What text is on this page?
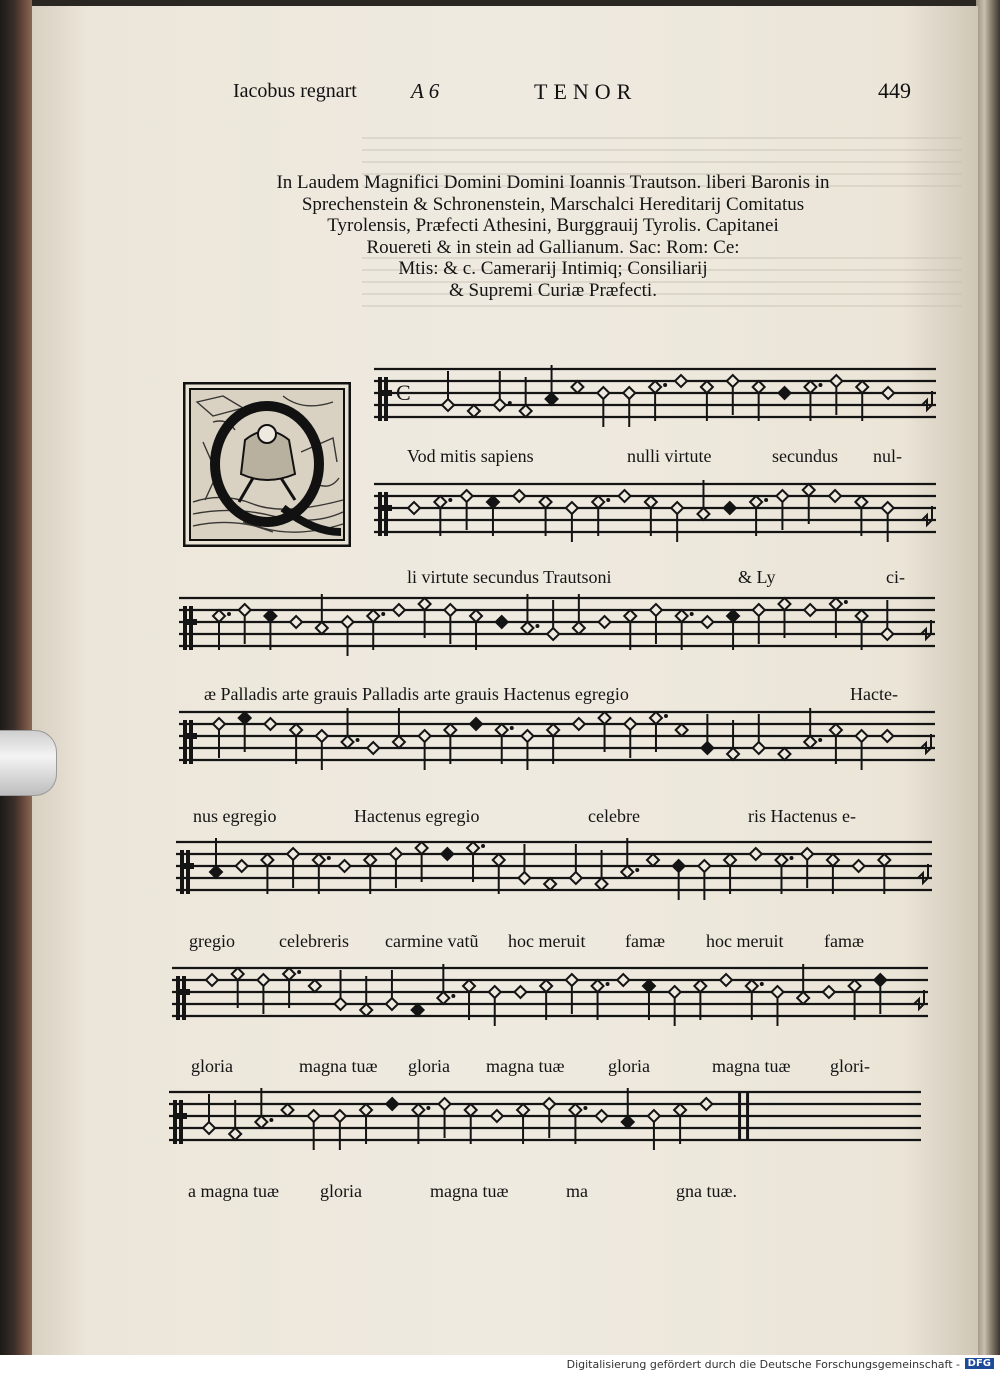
Iacobus regnart	A 6	TENOR	449
In Laudem Magnifici Domini Domini Ioannis Trautson. liberi Baronis in
Sprechenstein & Schronenstein, Marschalci Hereditarij Comitatus
Tyrolensis, Præfecti Athesini, Burggrauij Tyrolis. Capitanei
Rouereti & in stein ad Gallianum. Sac: Rom: Ce:
Mtis: & c. Camerarij Intimiq; Consiliarij
& Supremi Curiæ Præfecti.
C
Vod mitis sapiens	nulli virtute	secundus nul-
li virtute secundus Trautsoni	& Ly	ci-
æ Palladis arte grauis Palladis arte grauis Hactenus egregio	Hacte-
nus egregio	Hactenus egregio	celebre	ris Hactenus e-
gregio celebreris carmine vatũ hoc meruit famæ hoc meruit famæ
gloria	magna tuæ gloria magna tuæ gloria	magna tuæ glori-
a magna tuæ gloria	magna tuæ	ma	gna tuæ.
Digitalisierung gefördert durch die Deutsche Forschungsgemeinschaft - DFG
